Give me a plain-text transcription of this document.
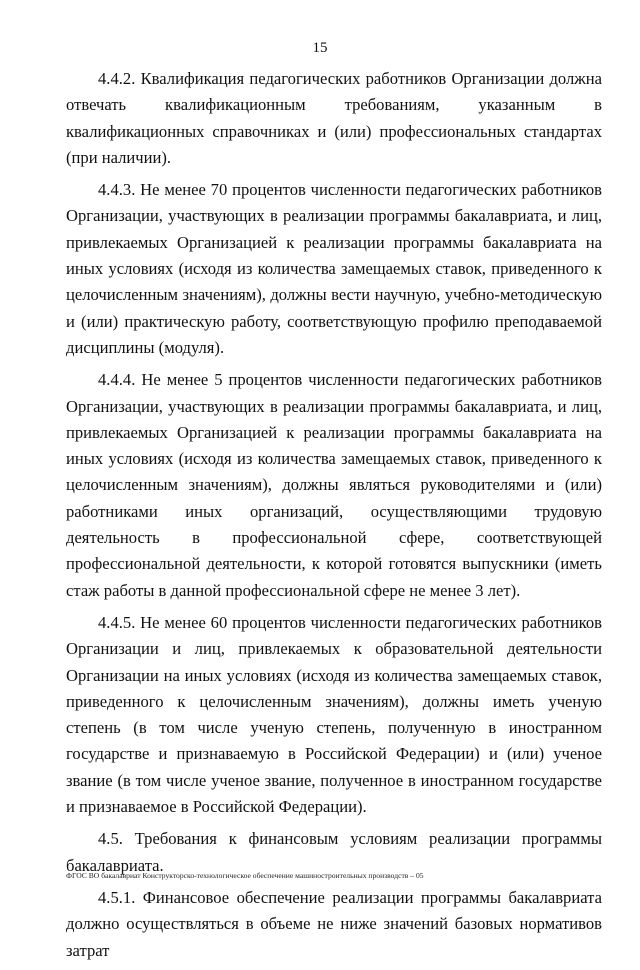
15

4.4.2. Квалификация педагогических работников Организации должна отвечать квалификационным требованиям, указанным в квалификационных справочниках и (или) профессиональных стандартах (при наличии).

4.4.3. Не менее 70 процентов численности педагогических работников Организации, участвующих в реализации программы бакалавриата, и лиц, привлекаемых Организацией к реализации программы бакалавриата на иных условиях (исходя из количества замещаемых ставок, приведенного к целочисленным значениям), должны вести научную, учебно-методическую и (или) практическую работу, соответствующую профилю преподаваемой дисциплины (модуля).

4.4.4. Не менее 5 процентов численности педагогических работников Организации, участвующих в реализации программы бакалавриата, и лиц, привлекаемых Организацией к реализации программы бакалавриата на иных условиях (исходя из количества замещаемых ставок, приведенного к целочисленным значениям), должны являться руководителями и (или) работниками иных организаций, осуществляющими трудовую деятельность в профессиональной сфере, соответствующей профессиональной деятельности, к которой готовятся выпускники (иметь стаж работы в данной профессиональной сфере не менее 3 лет).

4.4.5. Не менее 60 процентов численности педагогических работников Организации и лиц, привлекаемых к образовательной деятельности Организации на иных условиях (исходя из количества замещаемых ставок, приведенного к целочисленным значениям), должны иметь ученую степень (в том числе ученую степень, полученную в иностранном государстве и признаваемую в Российской Федерации) и (или) ученое звание (в том числе ученое звание, полученное в иностранном государстве и признаваемое в Российской Федерации).

4.5. Требования к финансовым условиям реализации программы бакалавриата.

4.5.1. Финансовое обеспечение реализации программы бакалавриата должно осуществляться в объеме не ниже значений базовых нормативов затрат

ФГОС ВО бакалавриат Конструкторско-технологическое обеспечение машиностроительных производств – 05
